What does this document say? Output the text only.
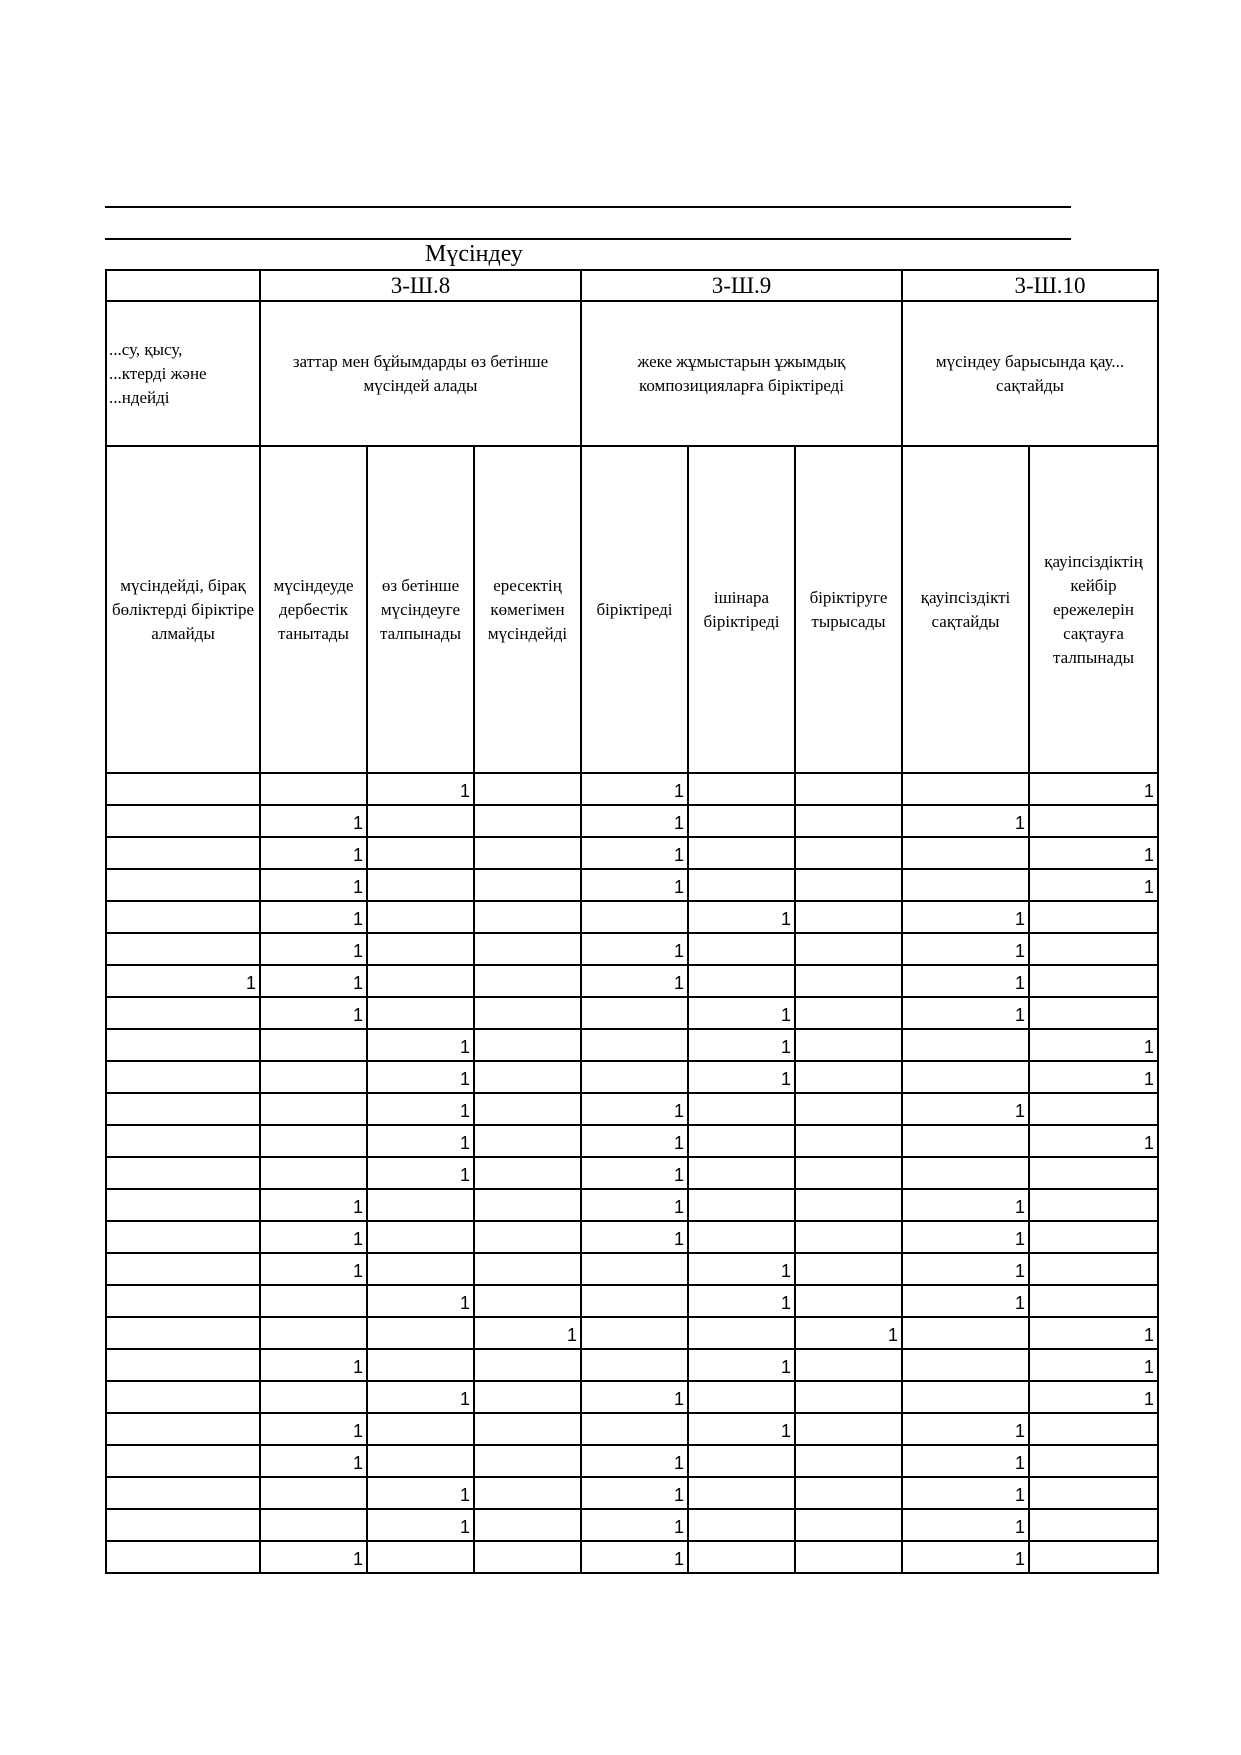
Мүсіндеу
	3-Ш.8			3-Ш.9			3-Ш.10	

...су, қысу,
...ктерді және
...ндейді	заттар мен бұйымдарды өз бетінше мүсіндей алады			жеке жұмыстарын ұжымдық композицияларға біріктіреді			мүсіндеу барысында қау... сақтайды	

мүсіндейді, бірақ бөліктерді біріктіре алмайды	мүсіндеуде дербестік танытады	өз бетінше мүсіндеуге талпынады	ересектің көмегімен мүсіндейді	біріктіреді	ішінара біріктіреді	біріктіруге тырысады	қауіпсіздікті сақтайды	қауіпсіздіктің кейбір ережелерін сақтауға талпынады

		1		1				1
	1			1			1	
	1			1				1
	1			1				1
	1				1		1	
	1			1			1	
1	1			1			1	
	1				1		1	
		1			1			1
		1			1			1
		1		1			1	
		1		1				1
		1		1				
	1			1			1	
	1			1			1	
	1				1		1	
		1			1		1	
			1			1		1
	1				1			1
		1		1				1
	1				1		1	
	1			1			1	
		1		1			1	
		1		1			1	
	1			1			1	
